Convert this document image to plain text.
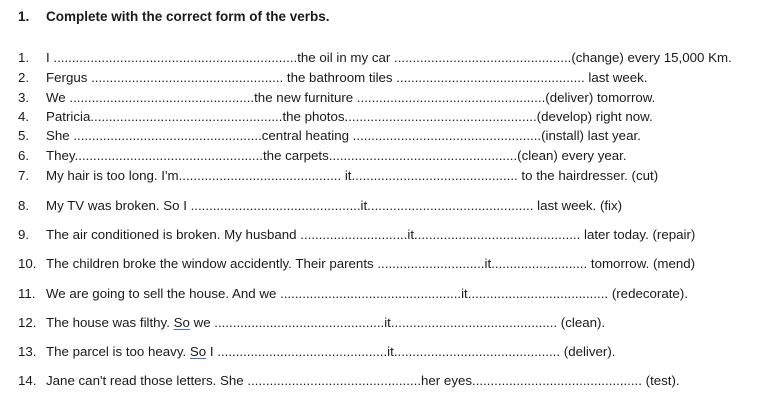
1. Complete with the correct form of the verbs.
1. I ..................................................................the oil in my car ................................................(change) every 15,000 Km.
2. Fergus .................................................... the bathroom tiles ................................................... last week.
3. We ..................................................the new furniture ...................................................(deliver) tomorrow.
4. Patricia....................................................the photos....................................................(develop) right now.
5. She ...................................................central heating ...................................................(install) last year.
6. They...................................................the carpets...................................................(clean) every year.
7. My hair is too long. I'm............................................ it............................................. to the hairdresser. (cut)
8. My TV was broken. So I ..............................................it............................................. last week. (fix)
9. The air conditioned is broken. My husband .............................it............................................. later today. (repair)
10. The children broke the window accidently. Their parents .............................it.......................... tomorrow. (mend)
11. We are going to sell the house. And we .................................................it...................................... (redecorate).
12. The house was filthy. So we ..............................................it............................................. (clean).
13. The parcel is too heavy. So I ..............................................it............................................. (deliver).
14. Jane can't read those letters. She ...............................................her eyes.............................................. (test).
